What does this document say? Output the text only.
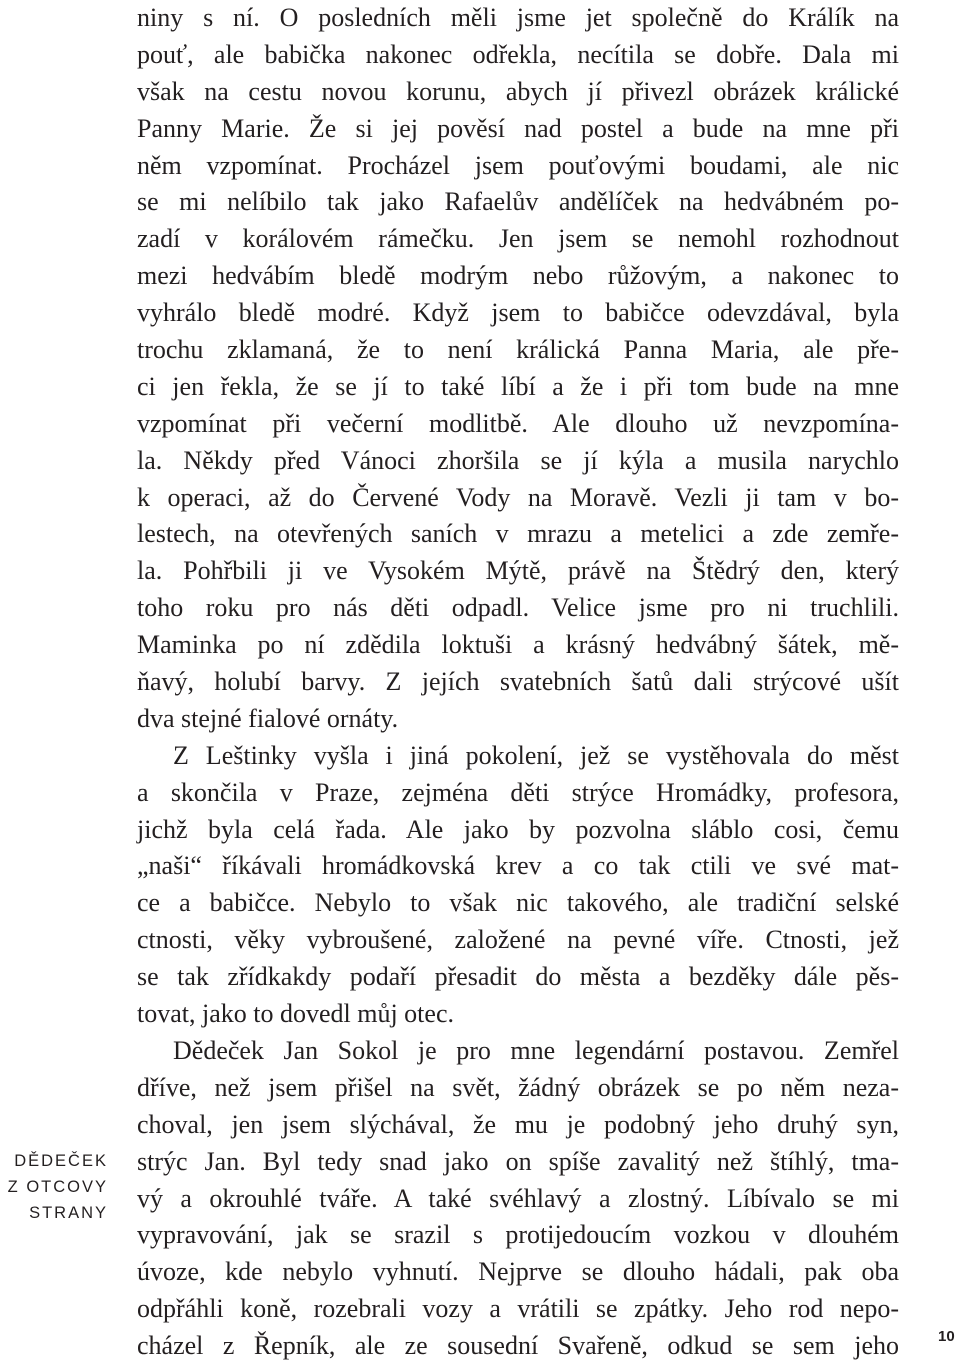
niny s ní. O posledních měli jsme jet společně do Králík na
pouť, ale babička nakonec odřekla, necítila se dobře. Dala mi
však na cestu novou korunu, abych jí přivezl obrázek králické
Panny Marie. Že si jej pověsí nad postel a bude na mne při
něm vzpomínat. Procházel jsem pouťovými boudami, ale nic
se mi nelíbilo tak jako Rafaelův andělíček na hedvábném po-
zadí v korálovém rámečku. Jen jsem se nemohl rozhodnout
mezi hedvábím bledě modrým nebo růžovým, a nakonec to
vyhrálo bledě modré. Když jsem to babičce odevzdával, byla
trochu zklamaná, že to není králická Panna Maria, ale pře-
ci jen řekla, že se jí to také líbí a že i při tom bude na mne
vzpomínat při večerní modlitbě. Ale dlouho už nevzpomína-
la. Někdy před Vánoci zhoršila se jí kýla a musila narychlo
k operaci, až do Červené Vody na Moravě. Vezli ji tam v bo-
lestech, na otevřených saních v mrazu a metelici a zde zemře-
la. Pohřbili ji ve Vysokém Mýtě, právě na Štědrý den, který
toho roku pro nás děti odpadl. Velice jsme pro ni truchlili.
Maminka po ní zdědila loktuši a krásný hedvábný šátek, mě-
ňavý, holubí barvy. Z jejích svatebních šatů dali strýcové ušít
dva stejné fialové ornáty.
Z Leštinky vyšla i jiná pokolení, jež se vystěhovala do měst
a skončila v Praze, zejména děti strýce Hromádky, profesora,
jichž byla celá řada. Ale jako by pozvolna sláblo cosi, čemu
„naši“ říkávali hromádkovská krev a co tak ctili ve své mat-
ce a babičce. Nebylo to však nic takového, ale tradiční selské
ctnosti, věky vybroušené, založené na pevné víře. Ctnosti, jež
se tak zřídkakdy podaří přesadit do města a bezděky dále pěs-
tovat, jako to dovedl můj otec.
Dědeček Jan Sokol je pro mne legendární postavou. Zemřel
dříve, než jsem přišel na svět, žádný obrázek se po něm neza-
choval, jen jsem slýchával, že mu je podobný jeho druhý syn,
strýc Jan. Byl tedy snad jako on spíše zavalitý než štíhlý, tma-
vý a okrouhlé tváře. A také svéhlavý a zlostný. Líbívalo se mi
vypravování, jak se srazil s protijedoucím vozkou v dlouhém
úvoze, kde nebylo vyhnutí. Nejprve se dlouho hádali, pak oba
odpřáhli koně, rozebrali vozy a vrátili se zpátky. Jeho rod nepo-
cházel z Řepník, ale ze sousední Svařeně, odkud se sem jeho
DĚDEČEK
Z OTCOVY
STRANY
10
